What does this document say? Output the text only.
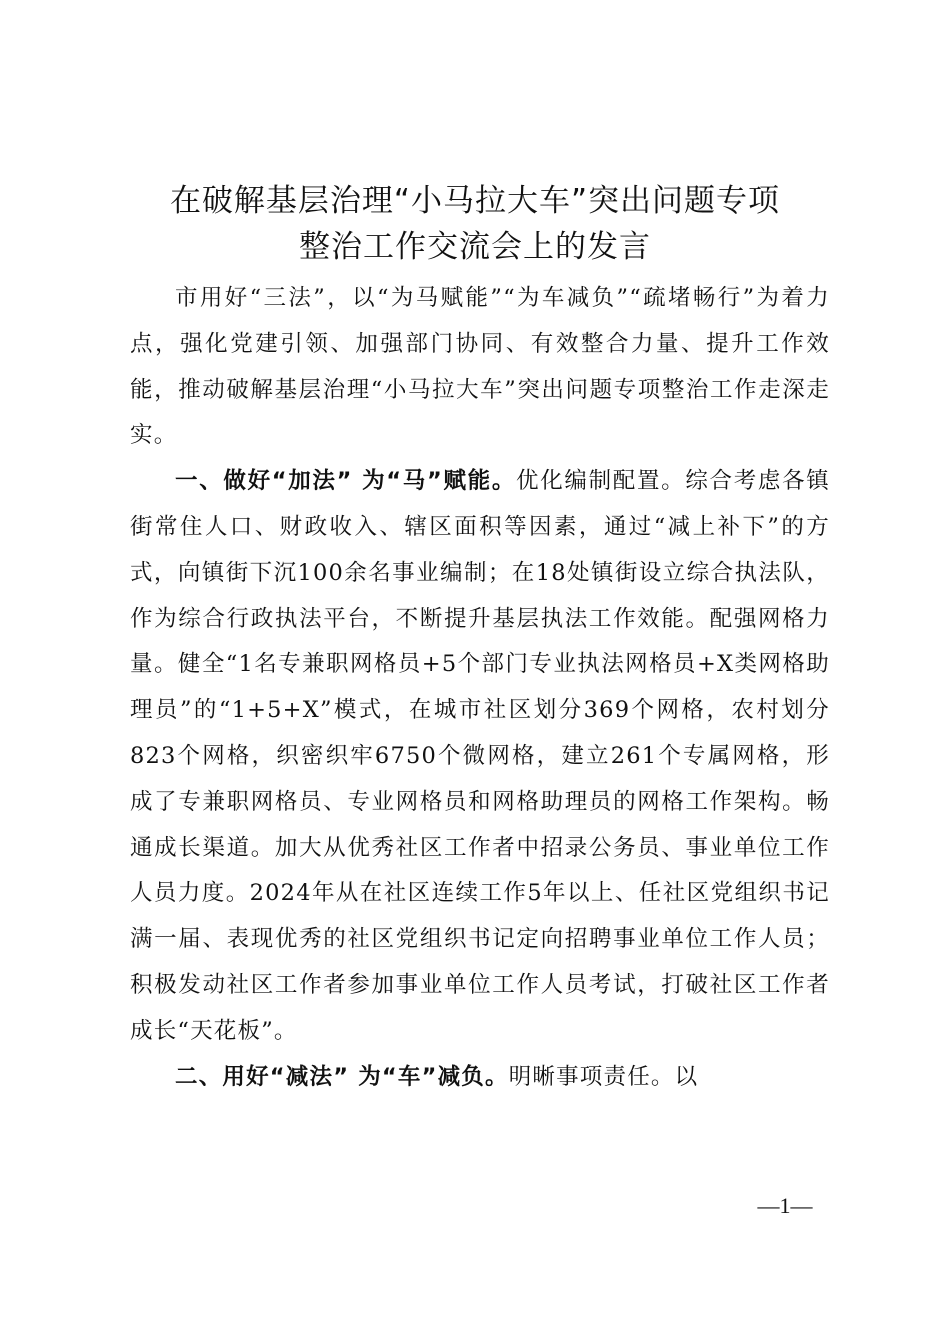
在破解基层治理“小马拉大车”突出问题专项
整治工作交流会上的发言

市用好“三法”，以“为马赋能”“为车减负”“疏堵畅行”为着力点，强化党建引领、加强部门协同、有效整合力量、提升工作效能，推动破解基层治理“小马拉大车”突出问题专项整治工作走深走实。

一、做好“加法” 为“马”赋能。优化编制配置。综合考虑各镇街常住人口、财政收入、辖区面积等因素，通过“减上补下”的方式，向镇街下沉100余名事业编制；在18处镇街设立综合执法队，作为综合行政执法平台，不断提升基层执法工作效能。配强网格力量。健全“1名专兼职网格员+5个部门专业执法网格员+X类网格助理员”的“1+5+X”模式，在城市社区划分369个网格，农村划分823个网格，织密织牢6750个微网格，建立261个专属网格，形成了专兼职网格员、专业网格员和网格助理员的网格工作架构。畅通成长渠道。加大从优秀社区工作者中招录公务员、事业单位工作人员力度。2024年从在社区连续工作5年以上、任社区党组织书记满一届、表现优秀的社区党组织书记定向招聘事业单位工作人员；积极发动社区工作者参加事业单位工作人员考试，打破社区工作者成长“天花板”。

二、用好“减法” 为“车”减负。明晰事项责任。以

—1—
